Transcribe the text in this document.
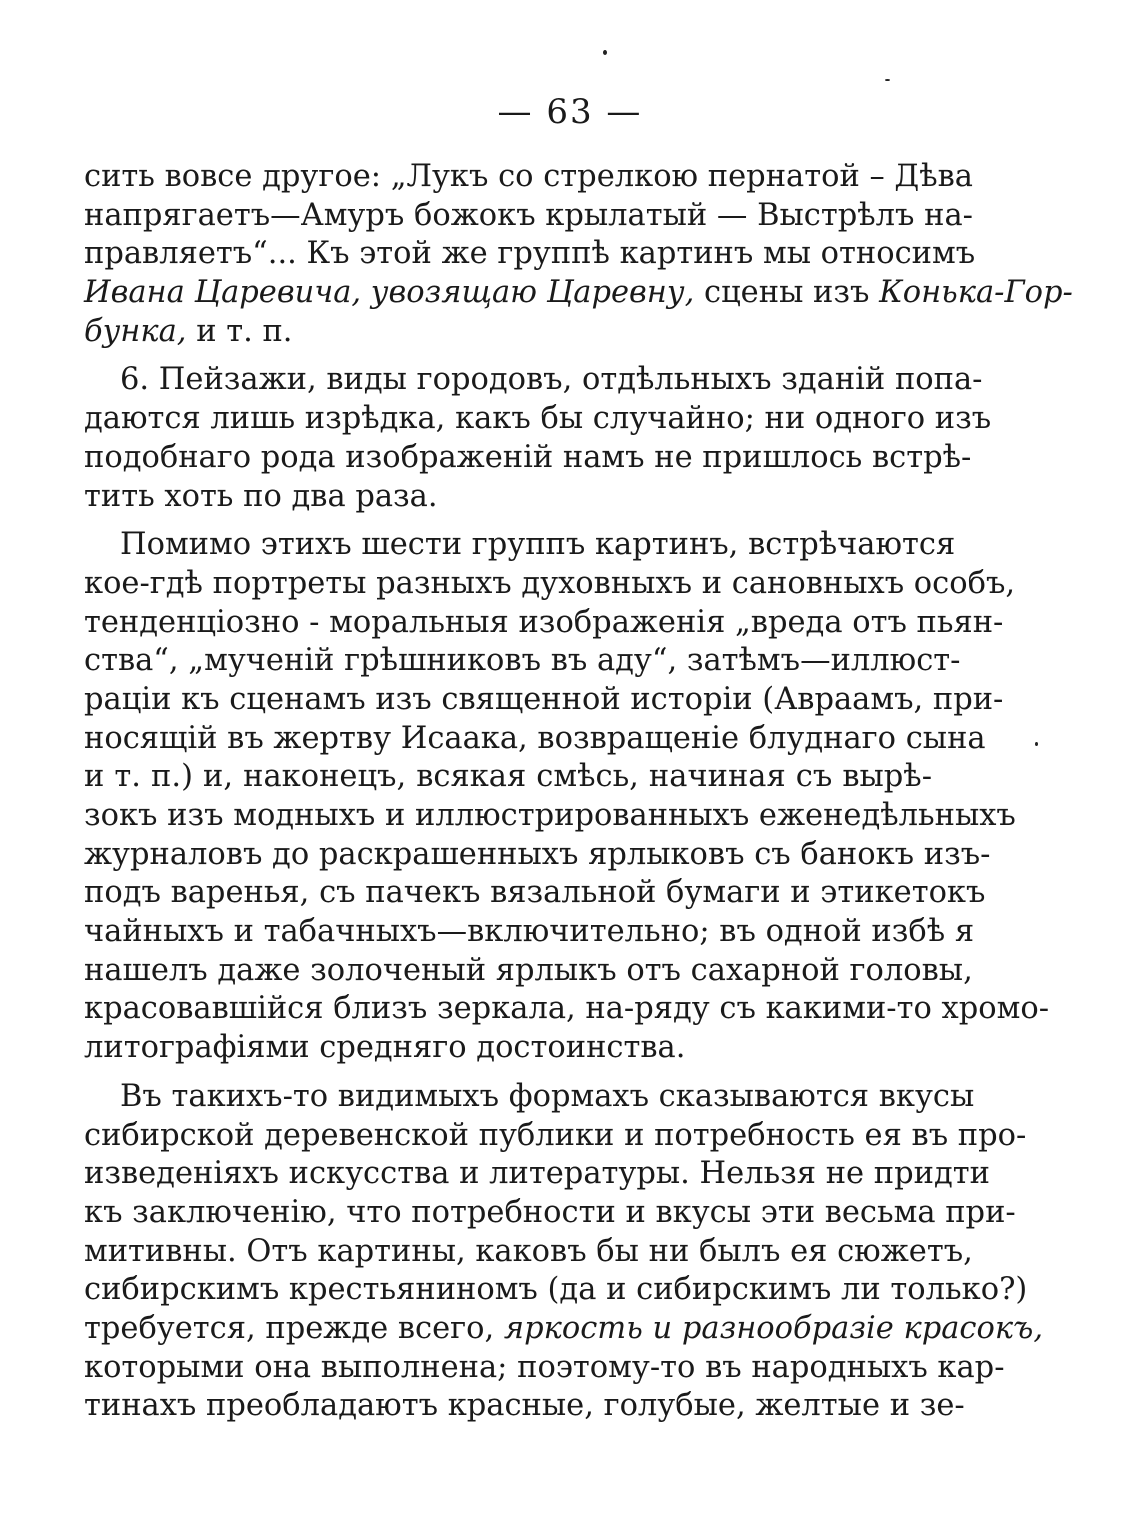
— 63 —
сить вовсе другое: „Лукъ со стрелкою пернатой – Дѣва
напрягаетъ—Амуръ божокъ крылатый — Выстрѣлъ на-
правляетъ“... Къ этой же группѣ картинъ мы относимъ
Ивана Царевича, увозящаю Царевну, сцены изъ Конька-Гор-
бунка, и т. п.
6. Пейзажи, виды городовъ, отдѣльныхъ зданій попа-
даются лишь изрѣдка, какъ бы случайно; ни одного изъ
подобнаго рода изображеній намъ не пришлось встрѣ-
тить хоть по два раза.
Помимо этихъ шести группъ картинъ, встрѣчаются
кое-гдѣ портреты разныхъ духовныхъ и сановныхъ особъ,
тенденціозно - моральныя изображенія „вреда отъ пьян-
ства“, „мученій грѣшниковъ въ аду“, затѣмъ—иллюст-
раціи къ сценамъ изъ священной исторіи (Авраамъ, при-
носящій въ жертву Исаака, возвращеніе блуднаго сына
и т. п.) и, наконецъ, всякая смѣсь, начиная съ вырѣ-
зокъ изъ модныхъ и иллюстрированныхъ еженедѣльныхъ
журналовъ до раскрашенныхъ ярлыковъ съ банокъ изъ-
подъ варенья, съ пачекъ вязальной бумаги и этикетокъ
чайныхъ и табачныхъ—включительно; въ одной избѣ я
нашелъ даже золоченый ярлыкъ отъ сахарной головы,
красовавшійся близъ зеркала, на-ряду съ какими-то хромо-
литографіями средняго достоинства.
Въ такихъ-то видимыхъ формахъ сказываются вкусы
сибирской деревенской публики и потребность ея въ про-
изведеніяхъ искусства и литературы. Нельзя не придти
къ заключенію, что потребности и вкусы эти весьма при-
митивны. Отъ картины, каковъ бы ни былъ ея сюжетъ,
сибирскимъ крестьяниномъ (да и сибирскимъ ли только?)
требуется, прежде всего, яркость и разнообразіе красокъ,
которыми она выполнена; поэтому-то въ народныхъ кар-
тинахъ преобладаютъ красные, голубые, желтые и зе-
